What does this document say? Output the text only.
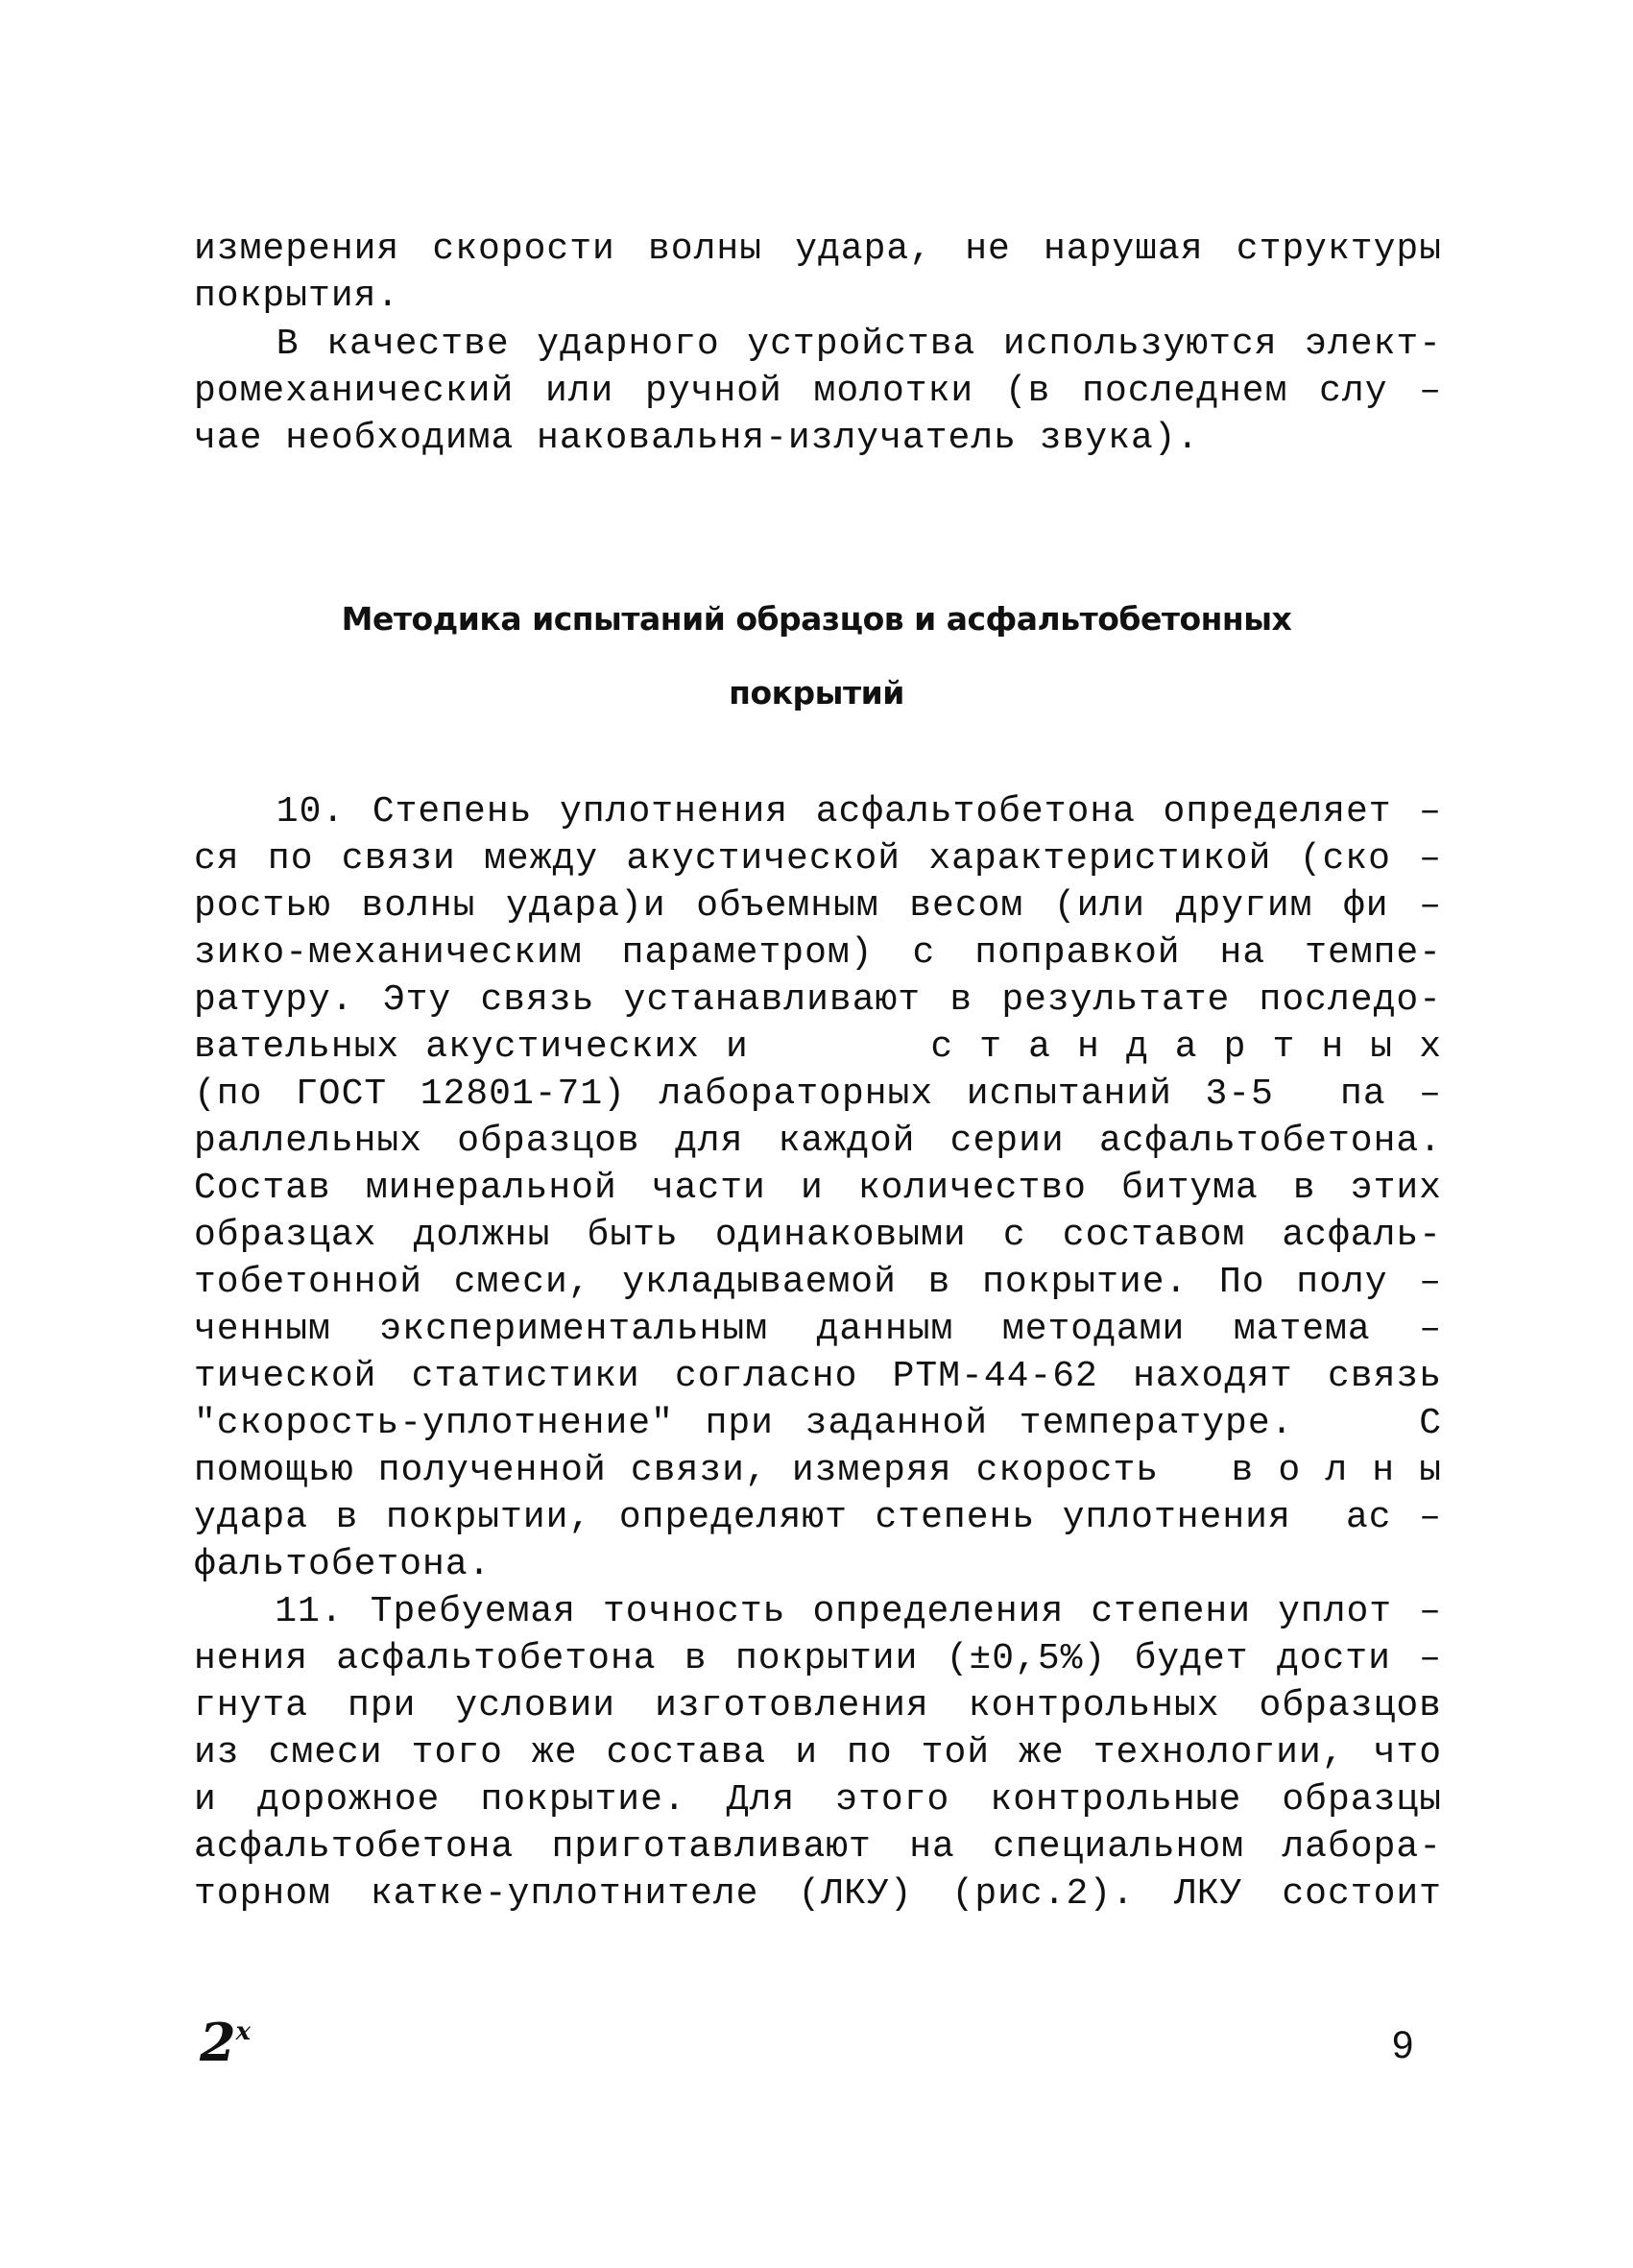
измерения скорости волны удара, не нарушая структуры
покрытия.
В качестве ударного устройства используются элект-
ромеханический или ручной молотки (в последнем слу –
чае необходима наковальня-излучатель звука).
Методика испытаний образцов и асфальтобетонных
покрытий
10. Степень уплотнения асфальтобетона определяет –
ся по связи между акустической характеристикой (ско –
ростью волны удара)и объемным весом (или другим фи –
зико-механическим параметром) с поправкой на темпе-
ратуру. Эту связь устанавливают в результате последо-
вательных акустических и       с т а н д а р т н ы х
(по ГОСТ 12801-71) лабораторных испытаний 3-5  па –
раллельных образцов для каждой серии асфальтобетона.
Состав минеральной части и количество битума в этих
образцах должны быть одинаковыми с составом асфаль-
тобетонной смеси, укладываемой в покрытие. По полу –
ченным экспериментальным данным методами матема –
тической статистики согласно РТМ-44-62 находят связь
"скорость-уплотнение" при заданной температуре.    С
помощью полученной связи, измеряя скорость   в о л н ы
удара в покрытии, определяют степень уплотнения  ас –
фальтобетона.
11. Требуемая точность определения степени уплот –
нения асфальтобетона в покрытии (±0,5%) будет дости –
гнута при условии изготовления контрольных образцов
из смеси того же состава и по той же технологии, что
и дорожное покрытие. Для этого контрольные образцы
асфальтобетона приготавливают на специальном лабора-
торном катке-уплотнителе (ЛКУ) (рис.2). ЛКУ состоит
2$^x$	9
